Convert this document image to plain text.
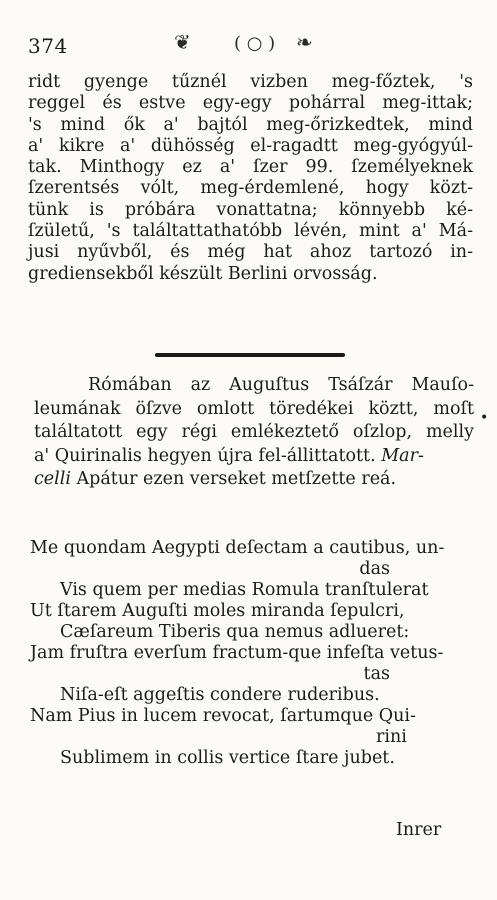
374	❦ ( ○ ) ❧
ridt gyenge tűznél vizben meg-főztek, 's
reggel és estve egy-egy pohárral meg-ittak;
's mind ők a' bajtól meg-őrizkedtek, mind
a' kikre a' dühösség el-ragadtt meg-gyógyúl-
tak. Minthogy ez a' ſzer 99. ſzemélyeknek
ſzerentsés vólt, meg-érdemlené, hogy közt-
tünk is próbára vonattatna; könnyebb ké-
ſzületű, 's találtattathatóbb lévén, mint a' Má-
jusi nyűvből, és még hat ahoz tartozó in-
grediensekből készült Berlini orvosság.
Rómában az Auguſtus Tsáſzár Mauſo-
leumának öſzve omlott töredékei köztt, moſt
találtatott egy régi emlékeztető oſzlop, melly
a' Quirinalis hegyen újra fel-állittatott. Mar-
celli Apátur ezen verseket metſzette reá.
•
Me quondam Aegypti deſectam a cautibus, un-
das
Vis quem per medias Romula tranſtulerat
Ut ſtarem Auguſti moles miranda ſepulcri,
Cæſareum Tiberis qua nemus adlueret:
Jam fruſtra everſum fractum-que infeſta vetus-
tas
Niſa-eſt aggeſtis condere ruderibus.
Nam Pius in lucem revocat, ſartumque Qui-
rini
Sublimem in collis vertice ſtare jubet.
Inrer
